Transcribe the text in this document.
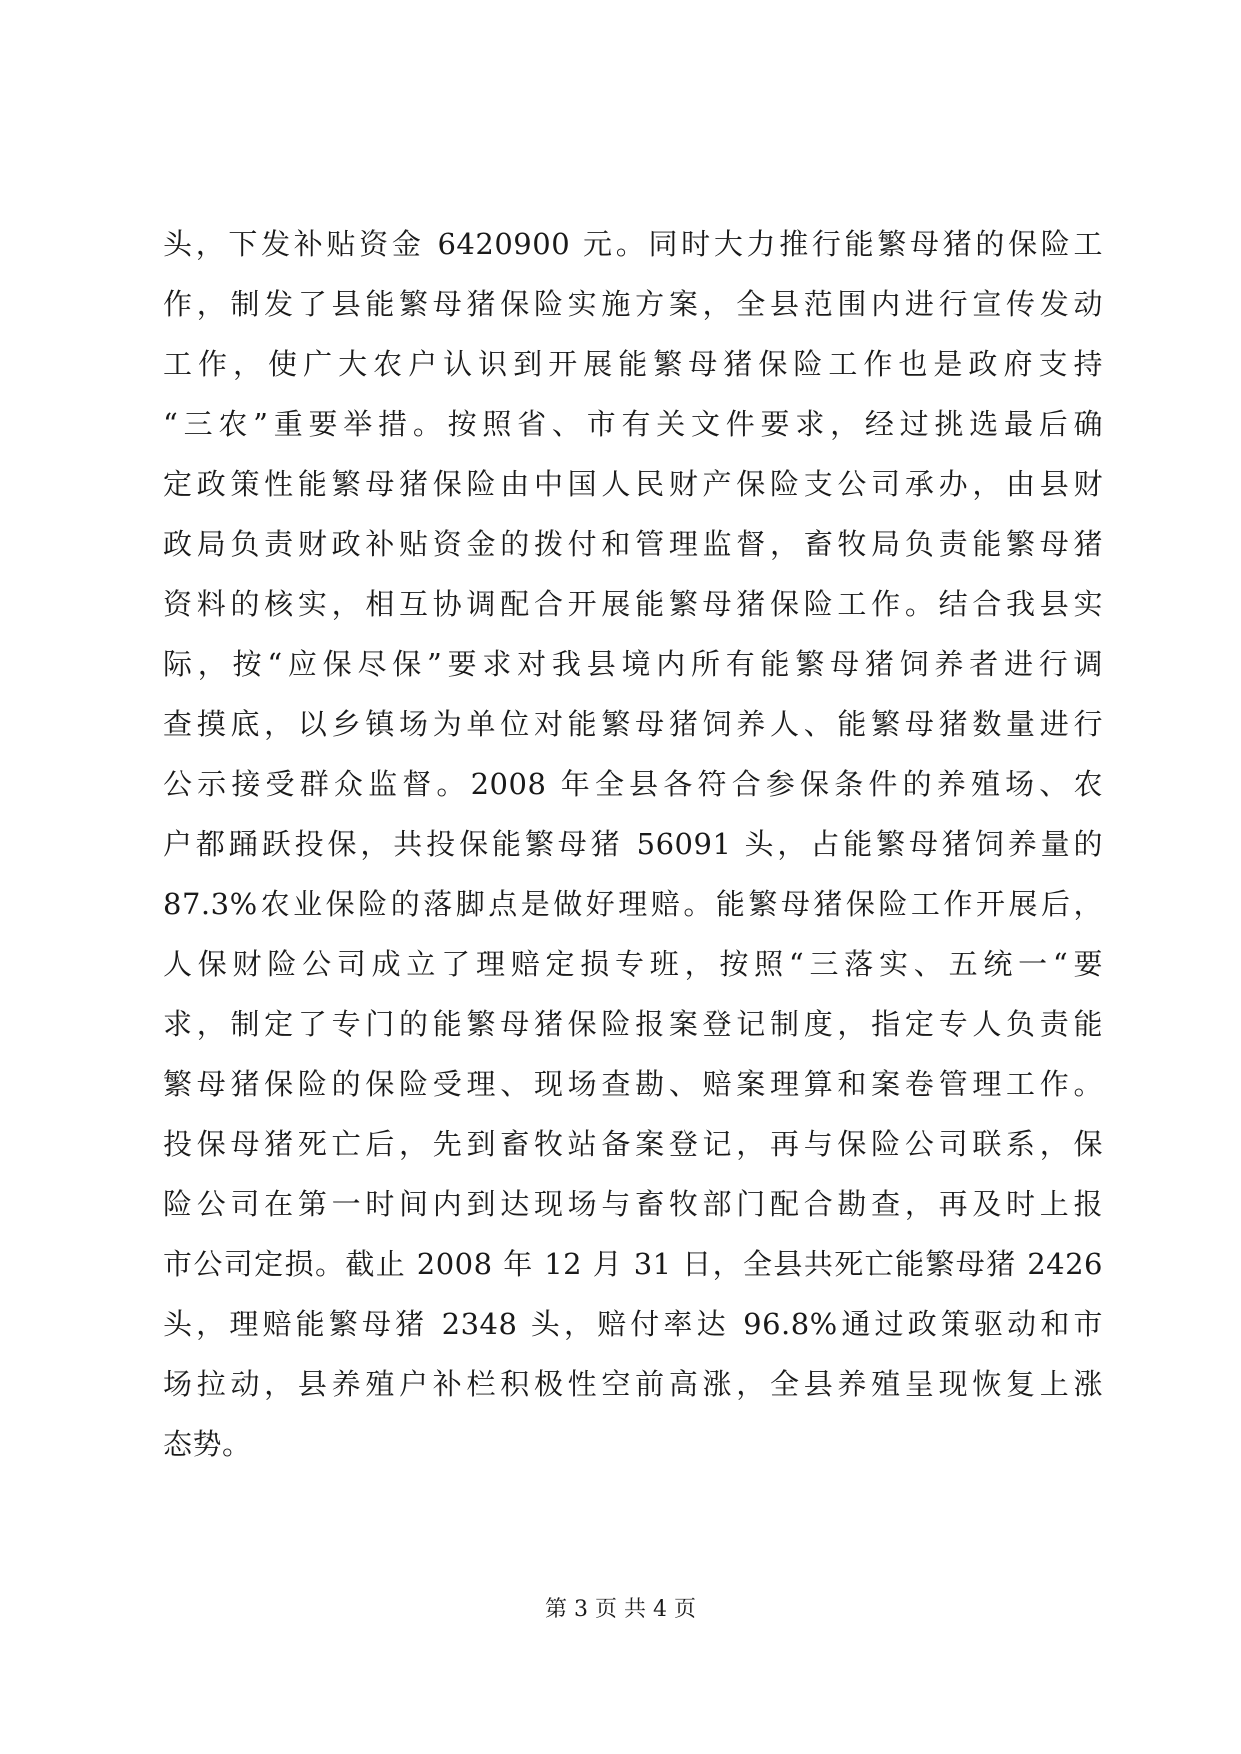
头，下发补贴资金 6420900 元。同时大力推行能繁母猪的保险工
作，制发了县能繁母猪保险实施方案，全县范围内进行宣传发动
工作，使广大农户认识到开展能繁母猪保险工作也是政府支持
“三农”重要举措。按照省、市有关文件要求，经过挑选最后确
定政策性能繁母猪保险由中国人民财产保险支公司承办，由县财
政局负责财政补贴资金的拨付和管理监督，畜牧局负责能繁母猪
资料的核实，相互协调配合开展能繁母猪保险工作。结合我县实
际，按“应保尽保”要求对我县境内所有能繁母猪饲养者进行调
查摸底，以乡镇场为单位对能繁母猪饲养人、能繁母猪数量进行
公示接受群众监督。2008 年全县各符合参保条件的养殖场、农
户都踊跃投保，共投保能繁母猪 56091 头，占能繁母猪饲养量的
87.3%农业保险的落脚点是做好理赔。能繁母猪保险工作开展后，
人保财险公司成立了理赔定损专班，按照“三落实、五统一“要
求，制定了专门的能繁母猪保险报案登记制度，指定专人负责能
繁母猪保险的保险受理、现场查勘、赔案理算和案卷管理工作。
投保母猪死亡后，先到畜牧站备案登记，再与保险公司联系，保
险公司在第一时间内到达现场与畜牧部门配合勘查，再及时上报
市公司定损。截止 2008 年 12 月 31 日，全县共死亡能繁母猪 2426
头，理赔能繁母猪 2348 头，赔付率达 96.8%通过政策驱动和市
场拉动，县养殖户补栏积极性空前高涨，全县养殖呈现恢复上涨
态势。
第 3 页 共 4 页
